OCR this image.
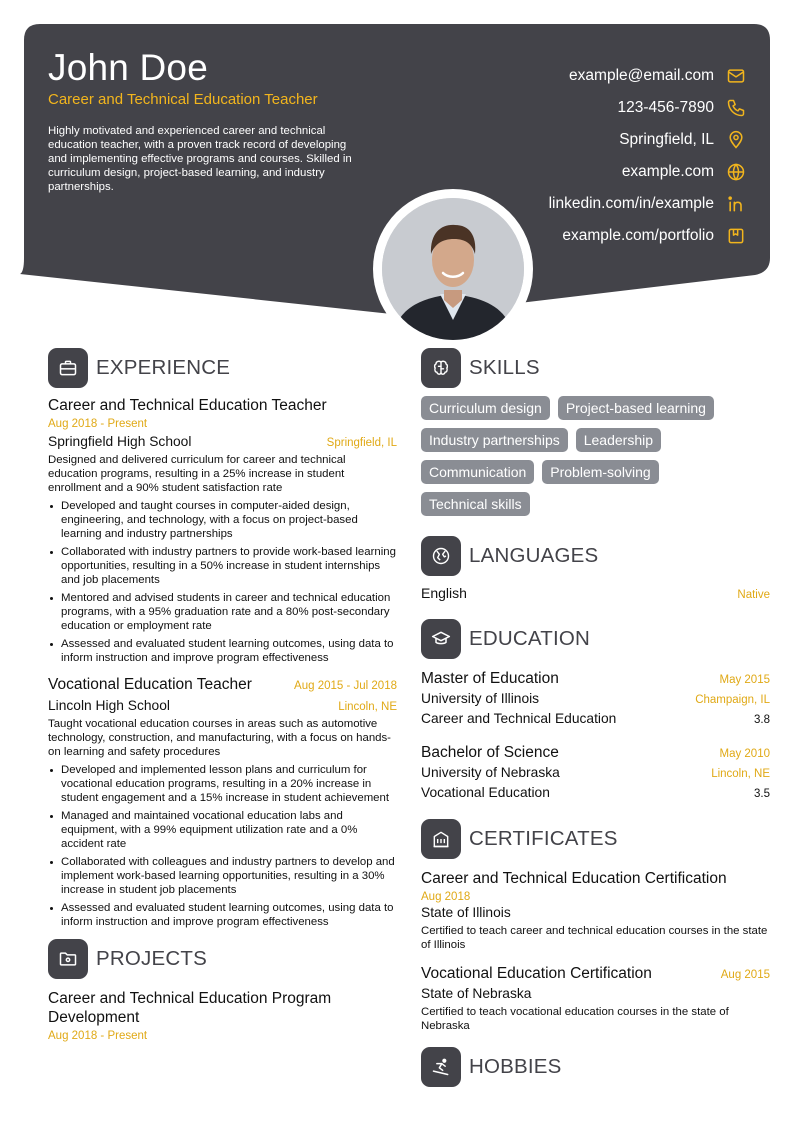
John Doe
Career and Technical Education Teacher
Highly motivated and experienced career and technical education teacher, with a proven track record of developing and implementing effective programs and courses. Skilled in curriculum design, project-based learning, and industry partnerships.
example@email.com
123-456-7890
Springfield, IL
example.com
linkedin.com/in/example
example.com/portfolio
EXPERIENCE
Career and Technical Education Teacher
Aug 2018 - Present
Springfield High School	Springfield, IL
Designed and delivered curriculum for career and technical education programs, resulting in a 25% increase in student enrollment and a 90% student satisfaction rate
Developed and taught courses in computer-aided design, engineering, and technology, with a focus on project-based learning and industry partnerships
Collaborated with industry partners to provide work-based learning opportunities, resulting in a 50% increase in student internships and job placements
Mentored and advised students in career and technical education programs, with a 95% graduation rate and a 80% post-secondary education or employment rate
Assessed and evaluated student learning outcomes, using data to inform instruction and improve program effectiveness
Vocational Education Teacher	Aug 2015 - Jul 2018
Lincoln High School	Lincoln, NE
Taught vocational education courses in areas such as automotive technology, construction, and manufacturing, with a focus on hands-on learning and safety procedures
Developed and implemented lesson plans and curriculum for vocational education programs, resulting in a 20% increase in student engagement and a 15% increase in student achievement
Managed and maintained vocational education labs and equipment, with a 99% equipment utilization rate and a 0% accident rate
Collaborated with colleagues and industry partners to develop and implement work-based learning opportunities, resulting in a 30% increase in student job placements
Assessed and evaluated student learning outcomes, using data to inform instruction and improve program effectiveness
PROJECTS
Career and Technical Education Program Development
Aug 2018 - Present
SKILLS
Curriculum design	Project-based learning
Industry partnerships	Leadership
Communication	Problem-solving
Technical skills
LANGUAGES
English	Native
EDUCATION
Master of Education	May 2015
University of Illinois	Champaign, IL
Career and Technical Education	3.8
Bachelor of Science	May 2010
University of Nebraska	Lincoln, NE
Vocational Education	3.5
CERTIFICATES
Career and Technical Education Certification
Aug 2018
State of Illinois
Certified to teach career and technical education courses in the state of Illinois
Vocational Education Certification	Aug 2015
State of Nebraska
Certified to teach vocational education courses in the state of Nebraska
HOBBIES
